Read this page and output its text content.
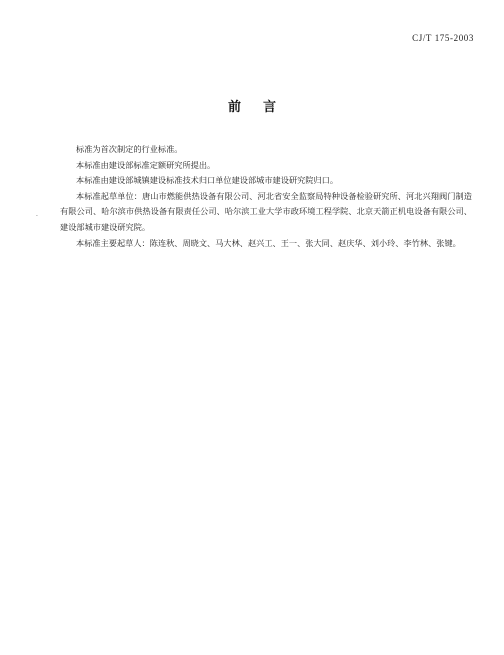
CJ/T 175-2003
前 言
·

标准为首次制定的行业标准。

本标准由建设部标准定额研究所提出。

本标准由建设部城镇建设标准技术归口单位建设部城市建设研究院归口。

本标准起草单位：唐山市燃能供热设备有限公司、河北省安全监察局特种设备检验研究所、河北兴翔阀门制造有限公司、哈尔滨市供热设备有限责任公司、哈尔滨工业大学市政环境工程学院、北京天箭正机电设备有限公司、建设部城市建设研究院。

本标准主要起草人：陈连秋、周晓文、马大林、赵兴工、王一、张大同、赵庆华、刘小玲、李竹林、张键。
